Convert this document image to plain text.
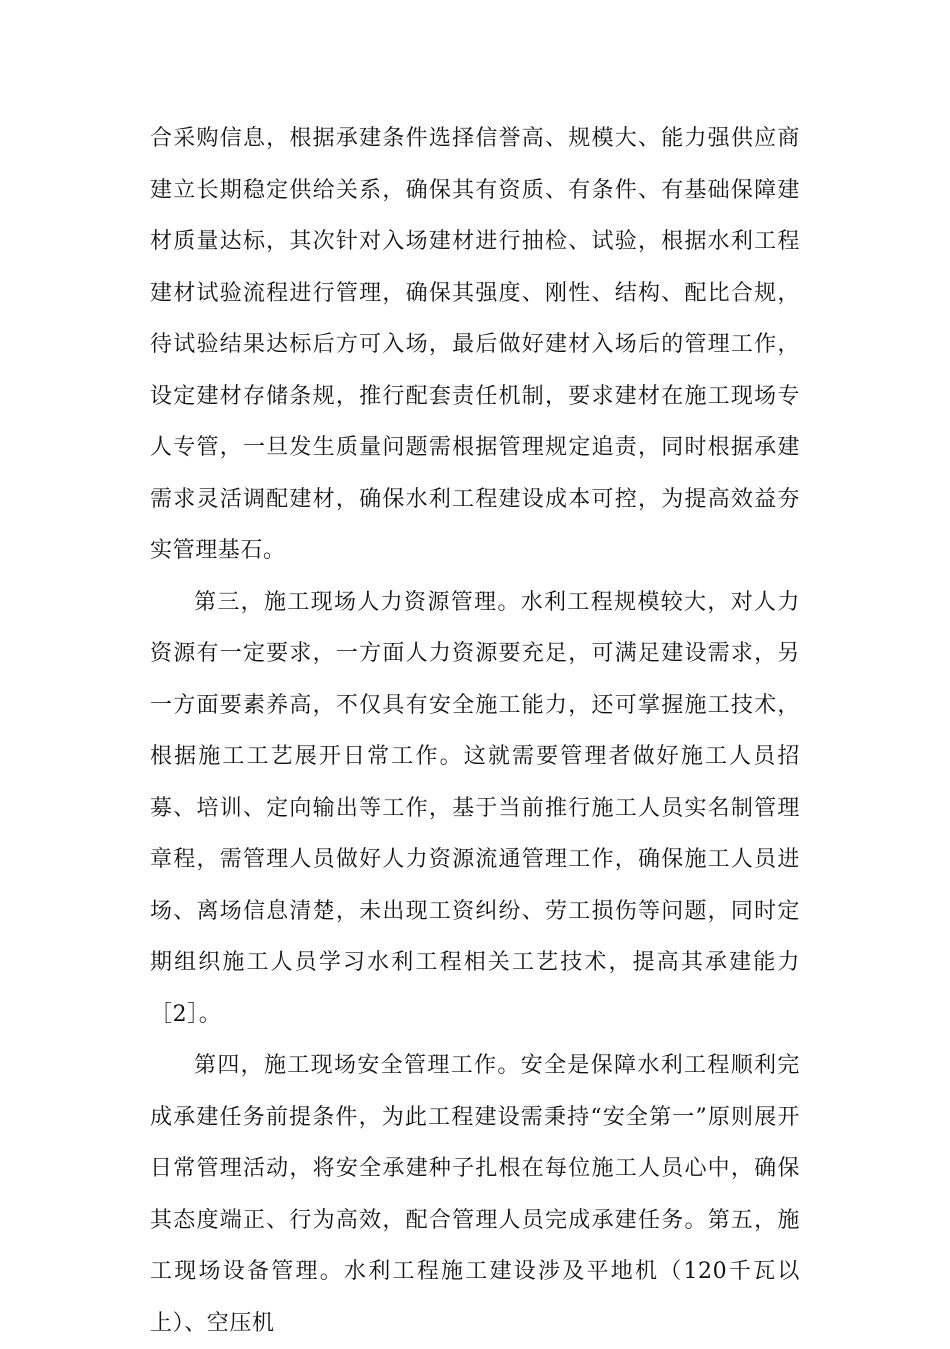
合采购信息，根据承建条件选择信誉高、规模大、能力强供应商建立长期稳定供给关系，确保其有资质、有条件、有基础保障建材质量达标，其次针对入场建材进行抽检、试验，根据水利工程建材试验流程进行管理，确保其强度、刚性、结构、配比合规，待试验结果达标后方可入场，最后做好建材入场后的管理工作，设定建材存储条规，推行配套责任机制，要求建材在施工现场专人专管，一旦发生质量问题需根据管理规定追责，同时根据承建需求灵活调配建材，确保水利工程建设成本可控，为提高效益夯实管理基石。

第三，施工现场人力资源管理。水利工程规模较大，对人力资源有一定要求，一方面人力资源要充足，可满足建设需求，另一方面要素养高，不仅具有安全施工能力，还可掌握施工技术，根据施工工艺展开日常工作。这就需要管理者做好施工人员招募、培训、定向输出等工作，基于当前推行施工人员实名制管理章程，需管理人员做好人力资源流通管理工作，确保施工人员进场、离场信息清楚，未出现工资纠纷、劳工损伤等问题，同时定期组织施工人员学习水利工程相关工艺技术，提高其承建能力［2］。

第四，施工现场安全管理工作。安全是保障水利工程顺利完成承建任务前提条件，为此工程建设需秉持“安全第一”原则展开日常管理活动，将安全承建种子扎根在每位施工人员心中，确保其态度端正、行为高效，配合管理人员完成承建任务。第五，施工现场设备管理。水利工程施工建设涉及平地机（120千瓦以上）、空压机
